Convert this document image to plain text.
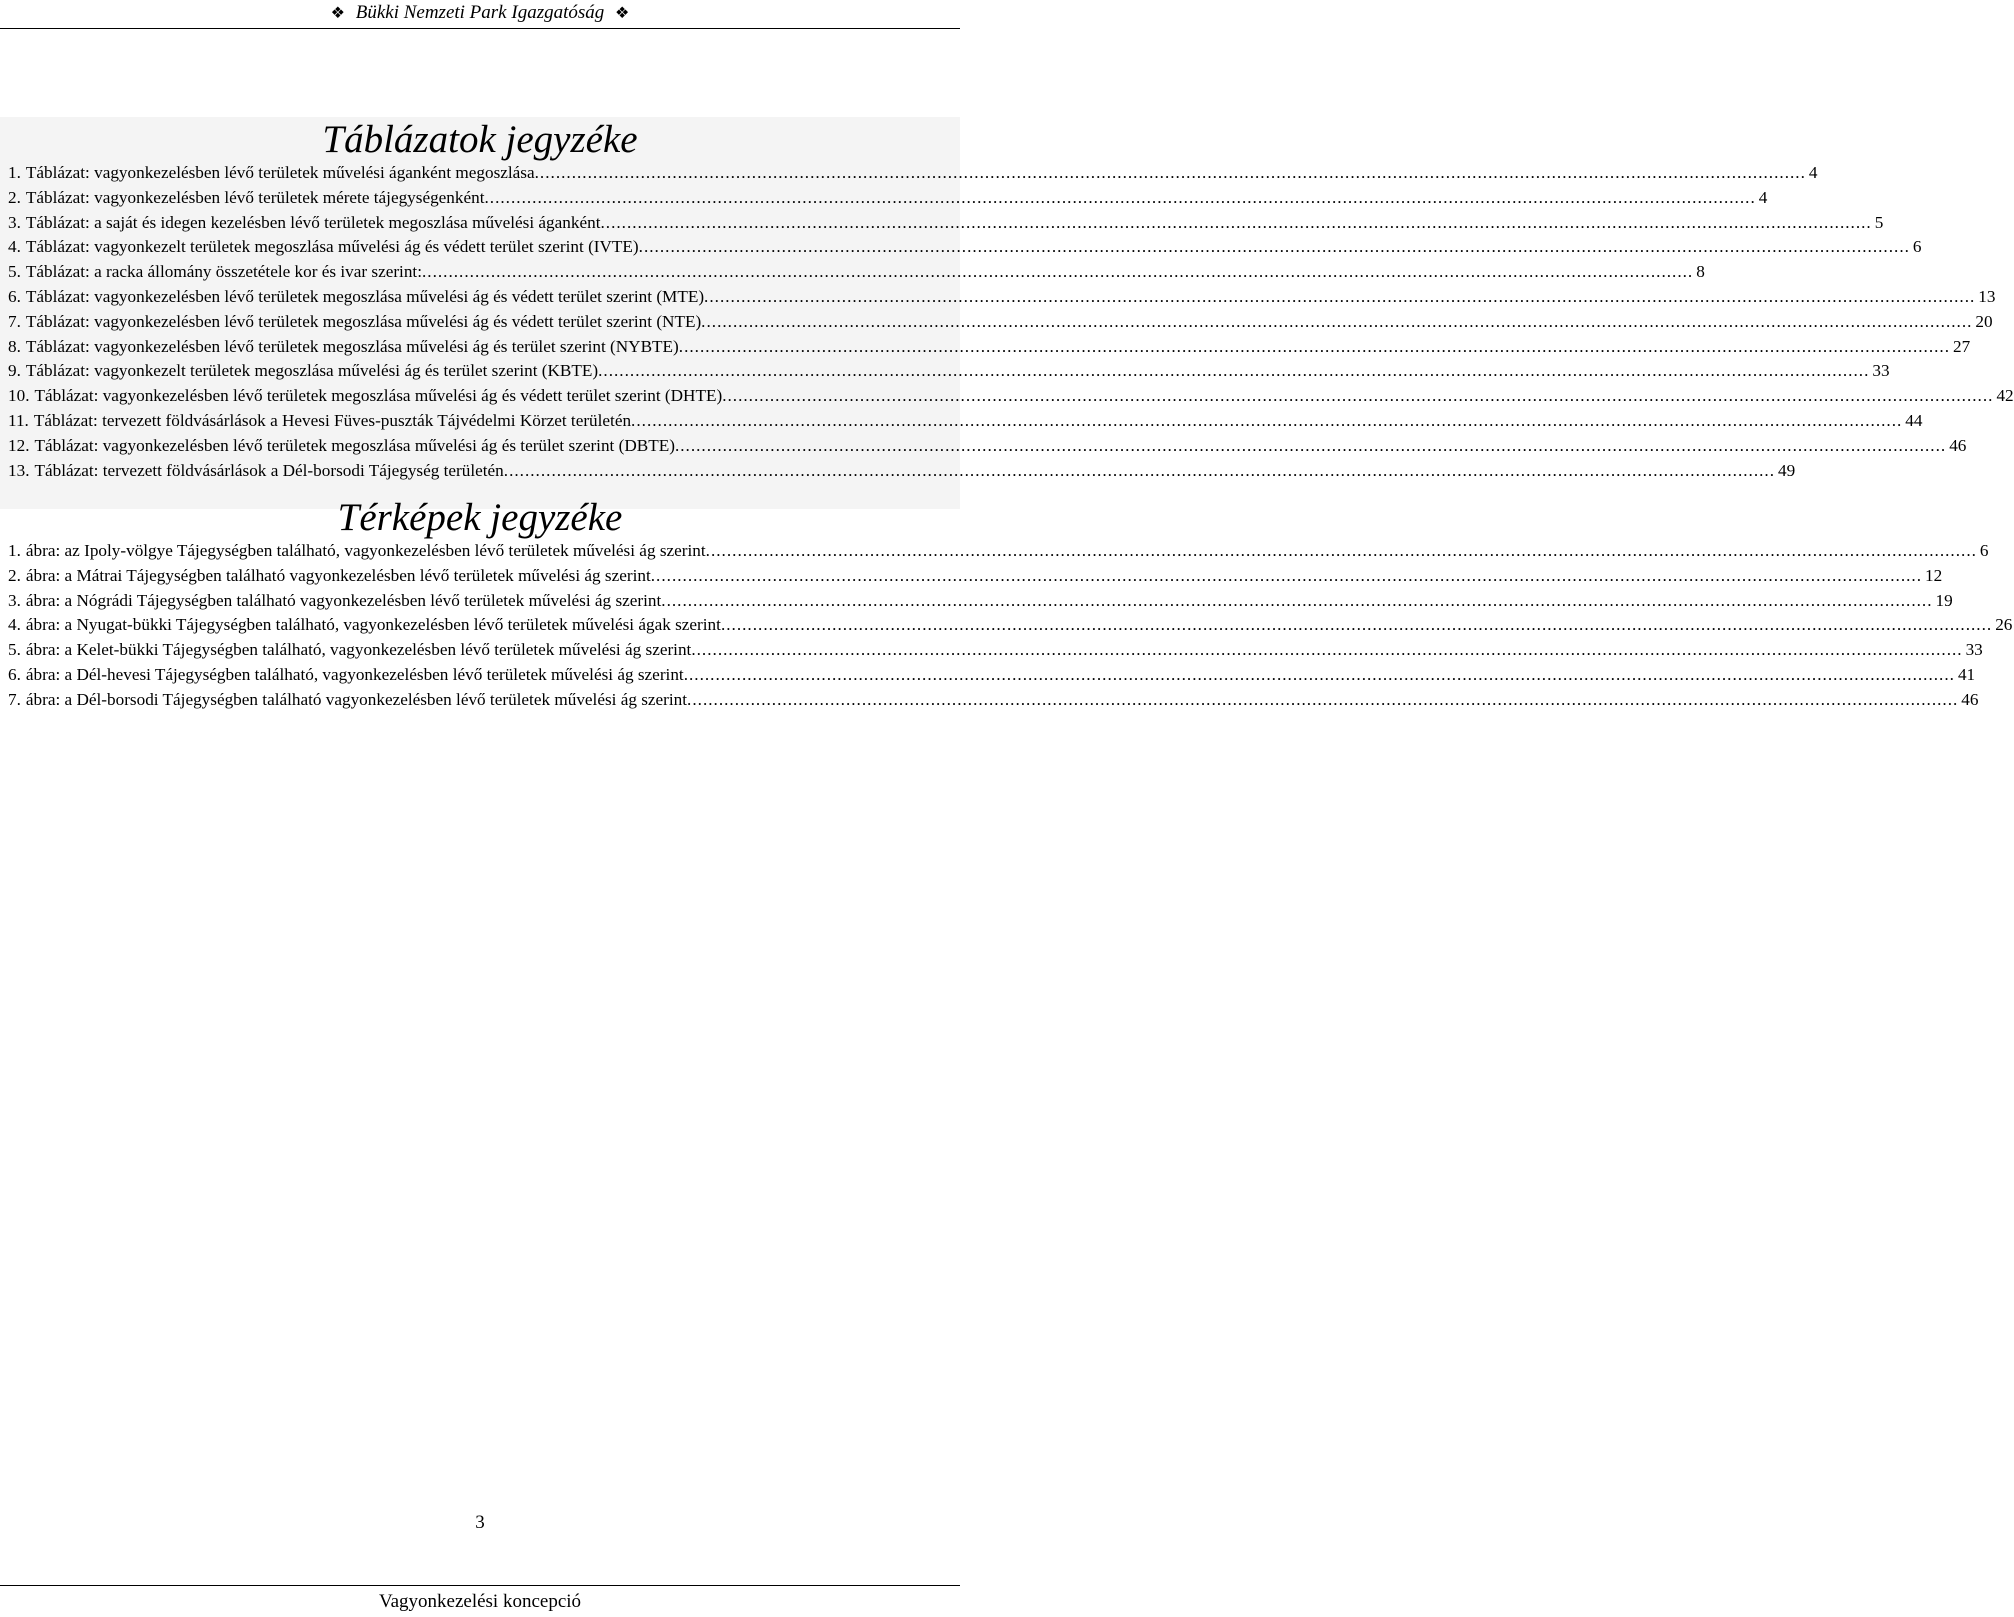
❖ Bükki Nemzeti Park Igazgatóság ❖
Táblázatok jegyzéke
1. Táblázat: vagyonkezelésben lévő területek művelési áganként megoszlása .....	4
2. Táblázat: vagyonkezelésben lévő területek mérete tájegységenként .....	4
3. Táblázat: a saját és idegen kezelésben lévő területek megoszlása művelési áganként .....	5
4. Táblázat: vagyonkezelt területek megoszlása művelési ág és védett terület szerint (IVTE) .....	6
5. Táblázat: a racka állomány összetétele kor és ivar szerint: .....	8
6. Táblázat: vagyonkezelésben lévő területek megoszlása művelési ág és védett terület szerint (MTE) .....	13
7. Táblázat: vagyonkezelésben lévő területek megoszlása művelési ág és védett terület szerint (NTE) .....	20
8. Táblázat: vagyonkezelésben lévő területek megoszlása művelési ág és terület szerint (NYBTE) .....	27
9. Táblázat: vagyonkezelt területek megoszlása művelési ág és terület szerint (KBTE) .....	33
10. Táblázat: vagyonkezelésben lévő területek megoszlása művelési ág és védett terület szerint (DHTE) .....	42
11. Táblázat: tervezett földvásárlások a Hevesi Füves-puszták Tájvédelmi Körzet területén .....	44
12. Táblázat: vagyonkezelésben lévő területek megoszlása művelési ág és terület szerint (DBTE) .....	46
13. Táblázat: tervezett földvásárlások a Dél-borsodi Tájegység területén .....	49
Térképek jegyzéke
1. ábra: az Ipoly-völgye Tájegységben található, vagyonkezelésben lévő területek művelési ág szerint .....	6
2. ábra: a Mátrai Tájegységben található vagyonkezelésben lévő területek művelési ág szerint .....	12
3. ábra: a Nógrádi Tájegységben található vagyonkezelésben lévő területek művelési ág szerint .....	19
4. ábra: a Nyugat-bükki Tájegységben található, vagyonkezelésben lévő területek művelési ágak szerint .....	26
5. ábra: a Kelet-bükki Tájegységben található, vagyonkezelésben lévő területek művelési ág szerint .....	33
6. ábra: a Dél-hevesi Tájegységben található, vagyonkezelésben lévő területek művelési ág szerint .....	41
7. ábra: a Dél-borsodi Tájegységben található vagyonkezelésben lévő területek művelési ág szerint .....	46
3
Vagyonkezelési koncepció
